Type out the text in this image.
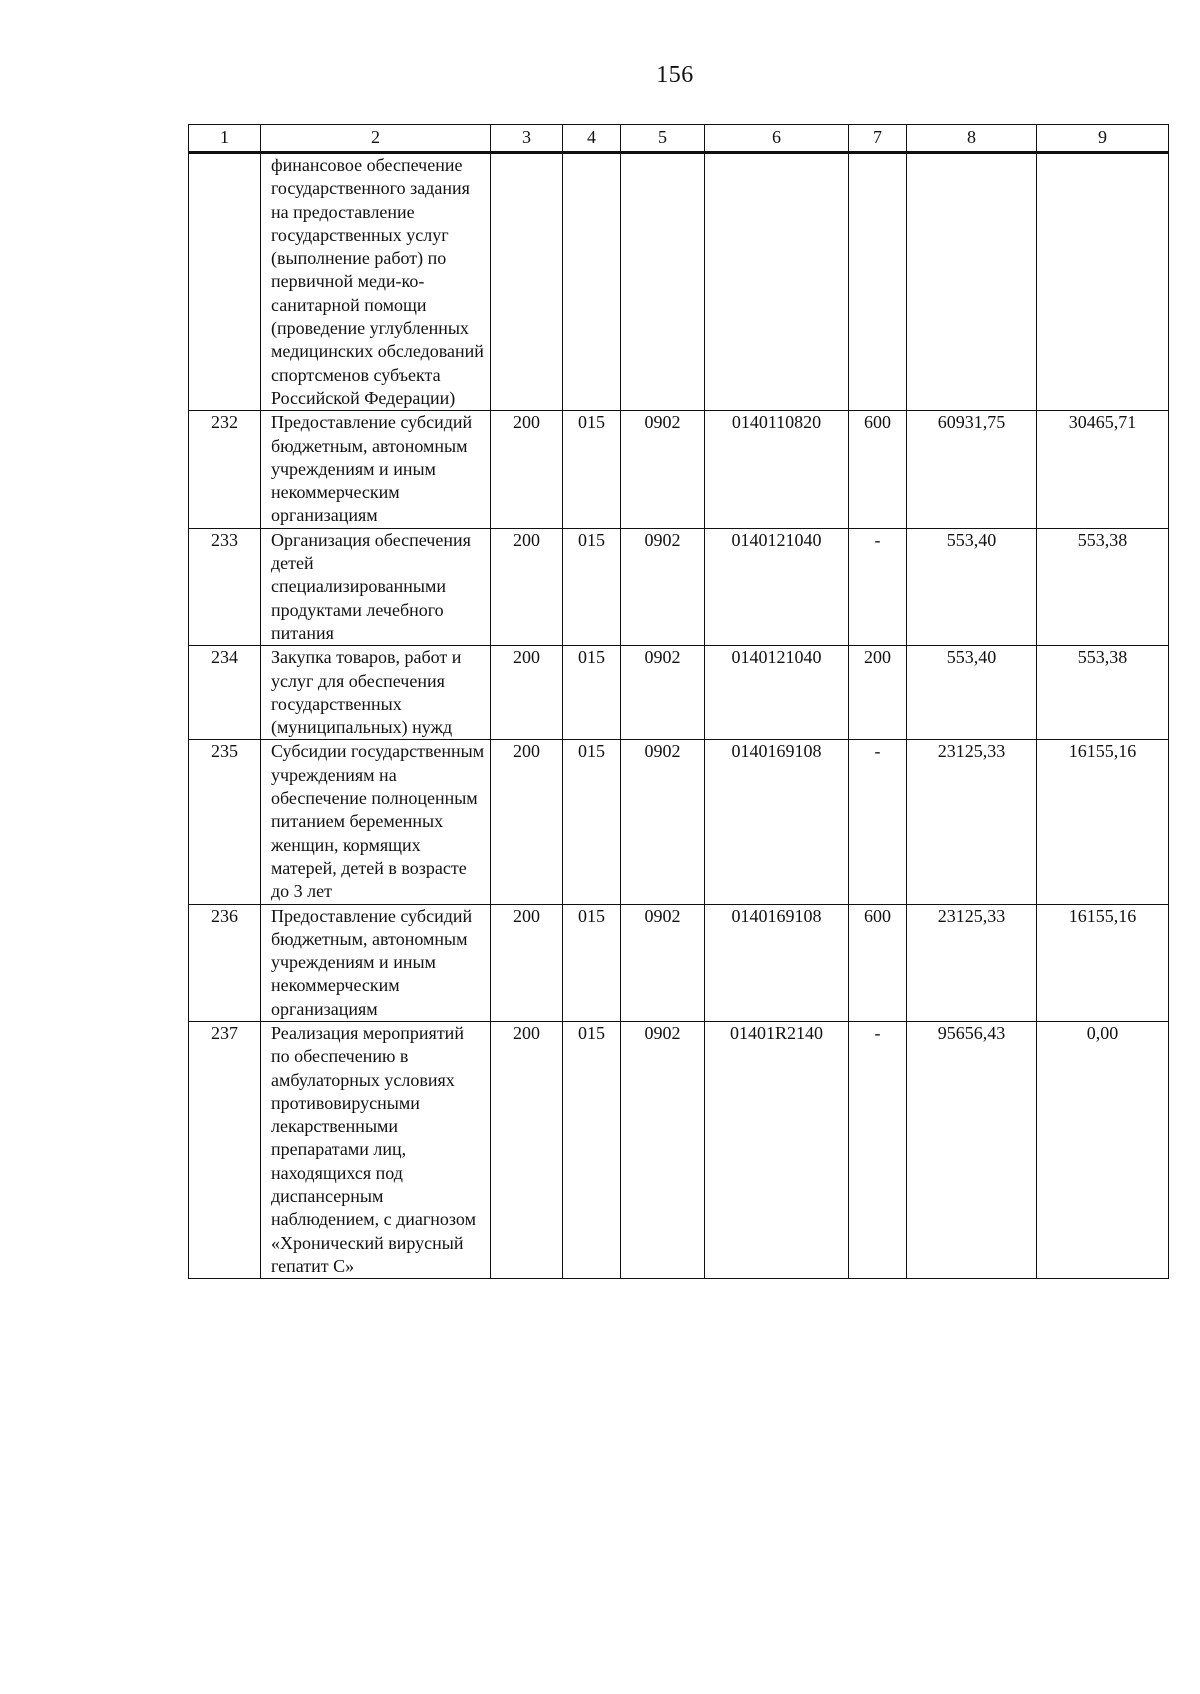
156
1	2	3	4	5	6	7	8	9
	финансовое обеспечение государственного задания на предоставление государственных услуг (выполнение работ) по первичной меди-ко-санитарной помощи (проведение углубленных медицинских обследований спортсменов субъекта Российской Федерации)							
232	Предоставление субсидий бюджетным, автономным учреждениям и иным некоммерческим организациям	200	015	0902	0140110820	600	60931,75	30465,71
233	Организация обеспечения детей специализированными продуктами лечебного питания	200	015	0902	0140121040	-	553,40	553,38
234	Закупка товаров, работ и услуг для обеспечения государственных (муниципальных) нужд	200	015	0902	0140121040	200	553,40	553,38
235	Субсидии государственным учреждениям на обеспечение полноценным питанием беременных женщин, кормящих матерей, детей в возрасте до 3 лет	200	015	0902	0140169108	-	23125,33	16155,16
236	Предоставление субсидий бюджетным, автономным учреждениям и иным некоммерческим организациям	200	015	0902	0140169108	600	23125,33	16155,16
237	Реализация мероприятий по обеспечению в амбулаторных условиях противовирусными лекарственными препаратами лиц, находящихся под диспансерным наблюдением, с диагнозом «Хронический вирусный гепатит С»	200	015	0902	01401R2140	-	95656,43	0,00
